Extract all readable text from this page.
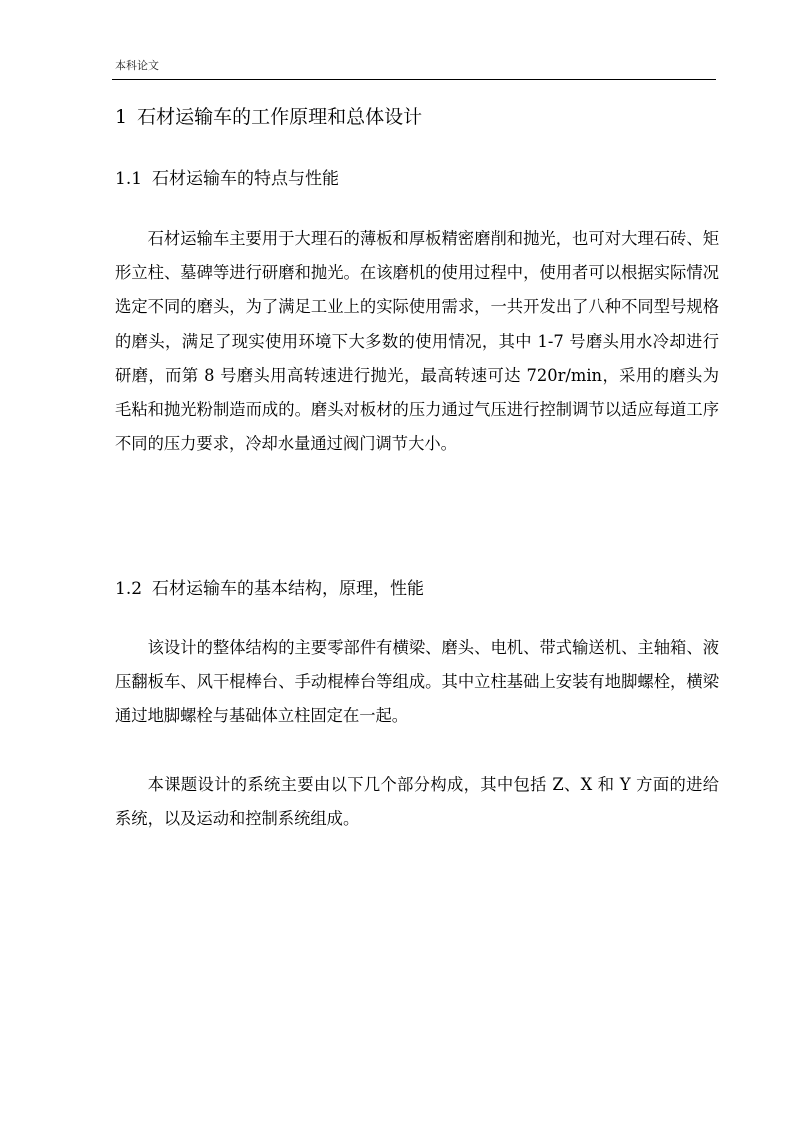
本科论文
1 石材运输车的工作原理和总体设计
1.1 石材运输车的特点与性能

石材运输车主要用于大理石的薄板和厚板精密磨削和抛光，也可对大理石砖、矩形立柱、墓碑等进行研磨和抛光。在该磨机的使用过程中，使用者可以根据实际情况选定不同的磨头，为了满足工业上的实际使用需求，一共开发出了八种不同型号规格的磨头，满足了现实使用环境下大多数的使用情况，其中 1-7 号磨头用水冷却进行研磨，而第 8 号磨头用高转速进行抛光，最高转速可达 720r/min，采用的磨头为毛粘和抛光粉制造而成的。磨头对板材的压力通过气压进行控制调节以适应每道工序不同的压力要求，冷却水量通过阀门调节大小。

1.2 石材运输车的基本结构，原理，性能

该设计的整体结构的主要零部件有横梁、磨头、电机、带式输送机、主轴箱、液压翻板车、风干棍棒台、手动棍棒台等组成。其中立柱基础上安装有地脚螺栓，横梁通过地脚螺栓与基础体立柱固定在一起。

本课题设计的系统主要由以下几个部分构成，其中包括 Z、X 和 Y 方面的进给系统，以及运动和控制系统组成。
